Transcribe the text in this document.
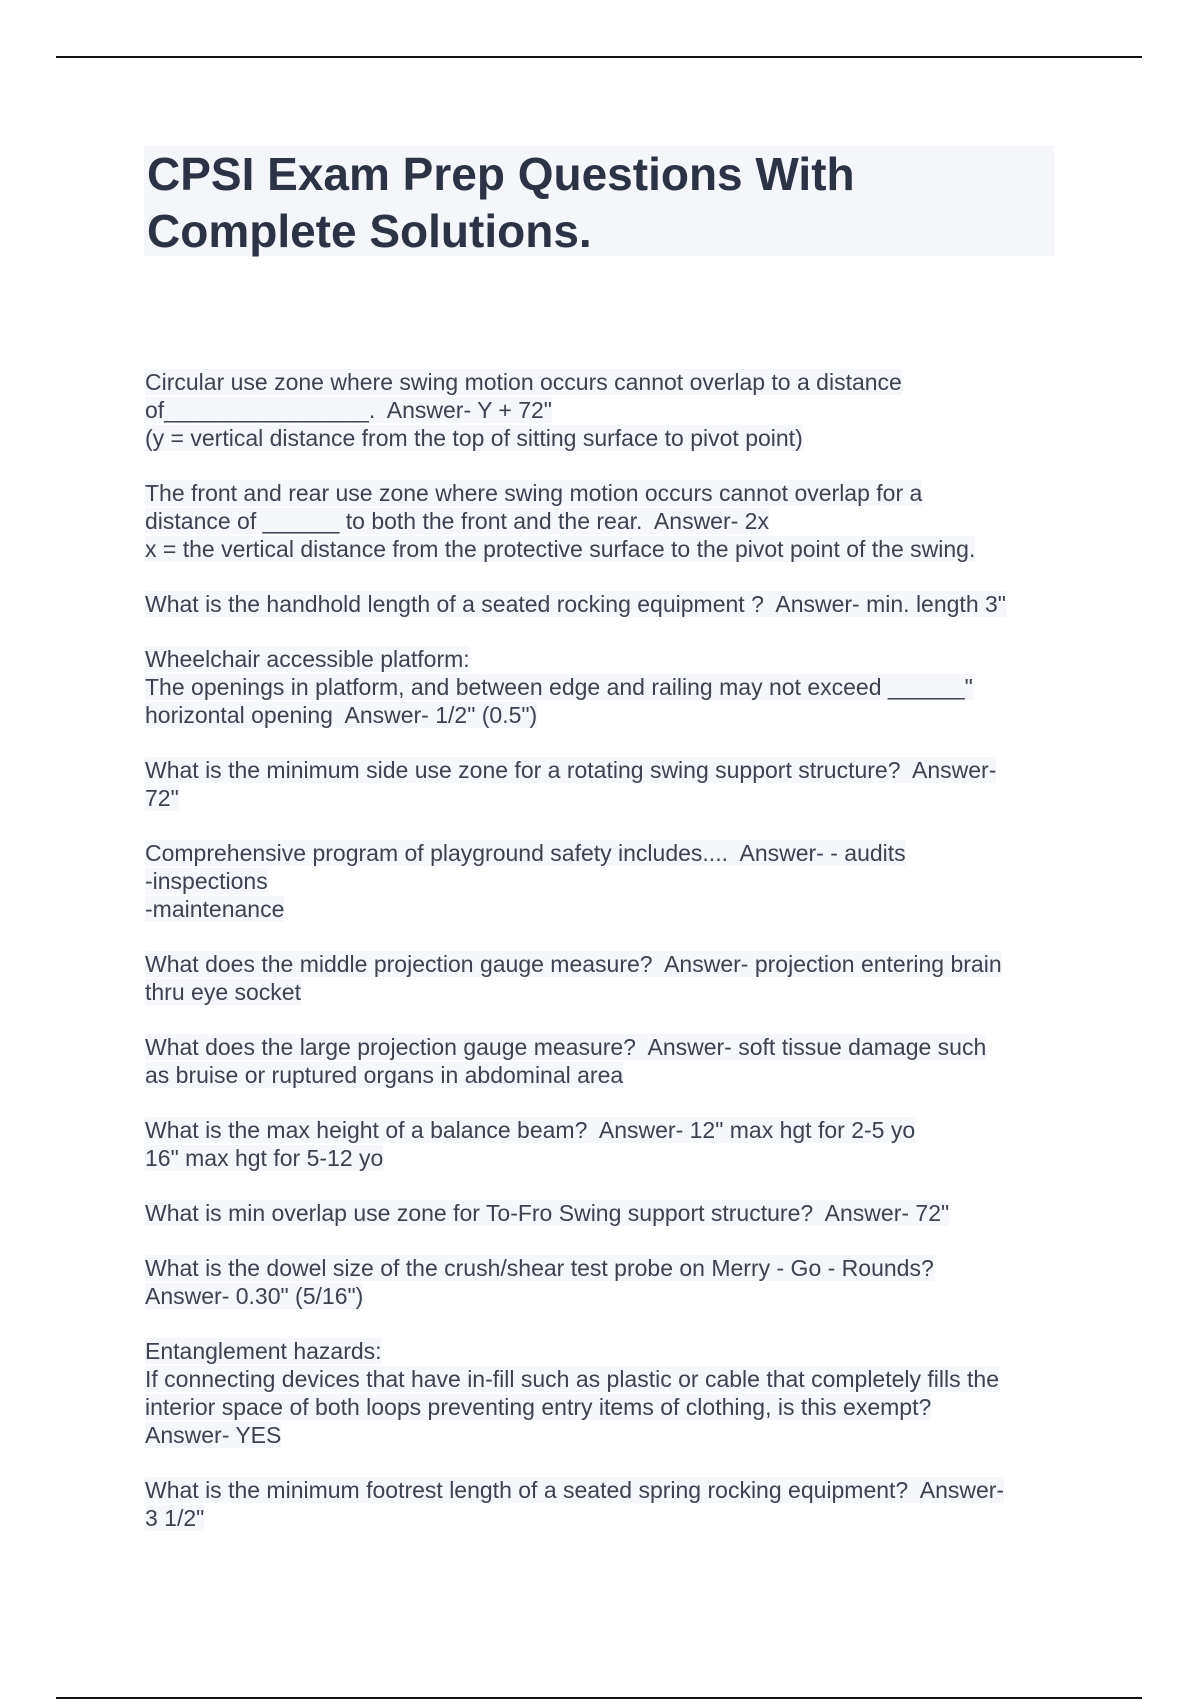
CPSI Exam Prep Questions With
Complete Solutions.
Circular use zone where swing motion occurs cannot overlap to a distance
of________________.  Answer- Y + 72"
(y = vertical distance from the top of sitting surface to pivot point)
The front and rear use zone where swing motion occurs cannot overlap for a
distance of ______ to both the front and the rear.  Answer- 2x
x = the vertical distance from the protective surface to the pivot point of the swing.
What is the handhold length of a seated rocking equipment ?  Answer- min. length 3"
Wheelchair accessible platform:
The openings in platform, and between edge and railing may not exceed ______"
horizontal opening  Answer- 1/2" (0.5")
What is the minimum side use zone for a rotating swing support structure?  Answer-
72"
Comprehensive program of playground safety includes....  Answer- - audits
-inspections
-maintenance
What does the middle projection gauge measure?  Answer- projection entering brain
thru eye socket
What does the large projection gauge measure?  Answer- soft tissue damage such
as bruise or ruptured organs in abdominal area
What is the max height of a balance beam?  Answer- 12" max hgt for 2-5 yo
16" max hgt for 5-12 yo
What is min overlap use zone for To-Fro Swing support structure?  Answer- 72"
What is the dowel size of the crush/shear test probe on Merry - Go - Rounds?
Answer- 0.30" (5/16")
Entanglement hazards:
If connecting devices that have in-fill such as plastic or cable that completely fills the
interior space of both loops preventing entry items of clothing, is this exempt?
Answer- YES
What is the minimum footrest length of a seated spring rocking equipment?  Answer-
3 1/2"
